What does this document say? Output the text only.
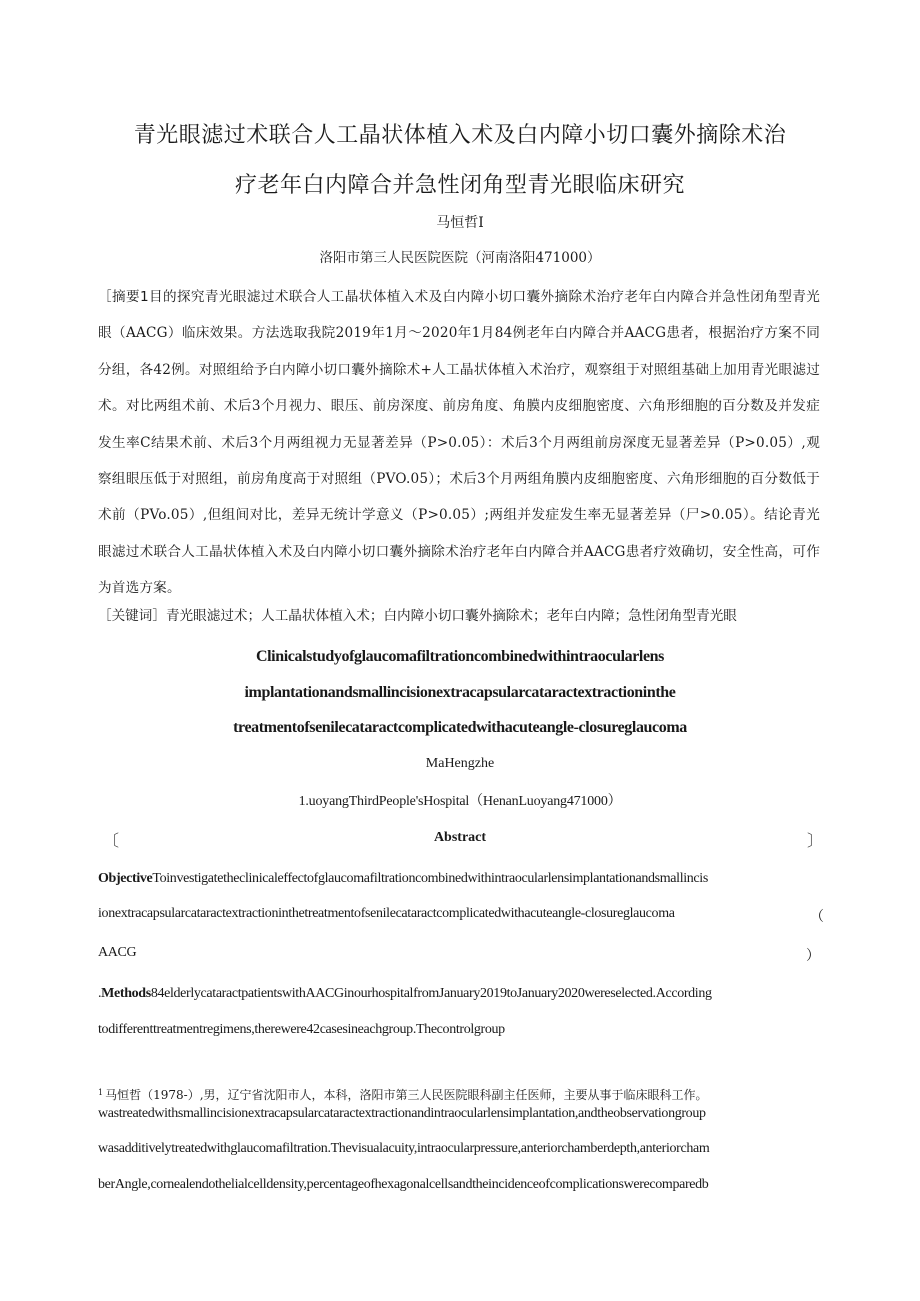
青光眼滤过术联合人工晶状体植入术及白内障小切口囊外摘除术治
疗老年白内障合并急性闭角型青光眼临床研究
马恒哲I
洛阳市第三人民医院医院（河南洛阳471000）
［摘要1目的探究青光眼滤过术联合人工晶状体植入术及白内障小切口囊外摘除术治疗老年白内障合并急性闭角型青光眼（AACG）临床效果。方法选取我院2019年1月～2020年1月84例老年白内障合并AACG患者，根据治疗方案不同分组，各42例。对照组给予白内障小切口囊外摘除术+人工晶状体植入术治疗，观察组于对照组基础上加用青光眼滤过术。对比两组术前、术后3个月视力、眼压、前房深度、前房角度、角膜内皮细胞密度、六角形细胞的百分数及并发症发生率C结果术前、术后3个月两组视力无显著差异（P>0.05）：术后3个月两组前房深度无显著差异（P>0.05）,观察组眼压低于对照组，前房角度高于对照组（PVO.05）；术后3个月两组角膜内皮细胞密度、六角形细胞的百分数低于术前（PVo.05）,但组间对比，差异无统计学意义（P>0.05）;两组并发症发生率无显著差异（尸>0.05）。结论青光眼滤过术联合人工晶状体植入术及白内障小切口囊外摘除术治疗老年白内障合并AACG患者疗效确切，安全性高，可作为首选方案。
［关键词］青光眼滤过术；人工晶状体植入术；白内障小切口囊外摘除术；老年白内障；急性闭角型青光眼
Clinicalstudyofglaucomafiltrationcombinedwithintraocularlens
implantationandsmallincisionextracapsularcataractextractioninthe
treatmentofsenilecataractcomplicatedwithacuteangle-closureglaucoma
MaHengzhe
1.uoyangThirdPeople'sHospital（HenanLuoyang471000）
〔	Abstract	〕
ObjectiveToinvestigatetheclinicaleffectofglaucomafiltrationcombinedwithintraocularlensimplantationandsmallincis
ionextracapsularcataractextractioninthetreatmentofsenilecataractcomplicatedwithacuteangle-closureglaucoma	（
AACG	）
.Methods84elderlycataractpatientswithAACGinourhospitalfromJanuary2019toJanuary2020wereselected.According
todifferenttreatmentregimens,therewere42casesineachgroup.Thecontrolgroup
$^1$ 马恒哲（1978-）,男，辽宁省沈阳市人，本科，洛阳市第三人民医院眼科副主任医师，主要从事于临床眼科工作。
wastreatedwithsmallincisionextracapsularcataractextractionandintraocularlensimplantation,andtheobservationgroup
wasadditivelytreatedwithglaucomafiltration.Thevisualacuity,intraocularpressure,anteriorchamberdepth,anteriorcham
berAngle,cornealendothelialcelldensity,percentageofhexagonalcellsandtheincidenceofcomplicationswerecomparedb
